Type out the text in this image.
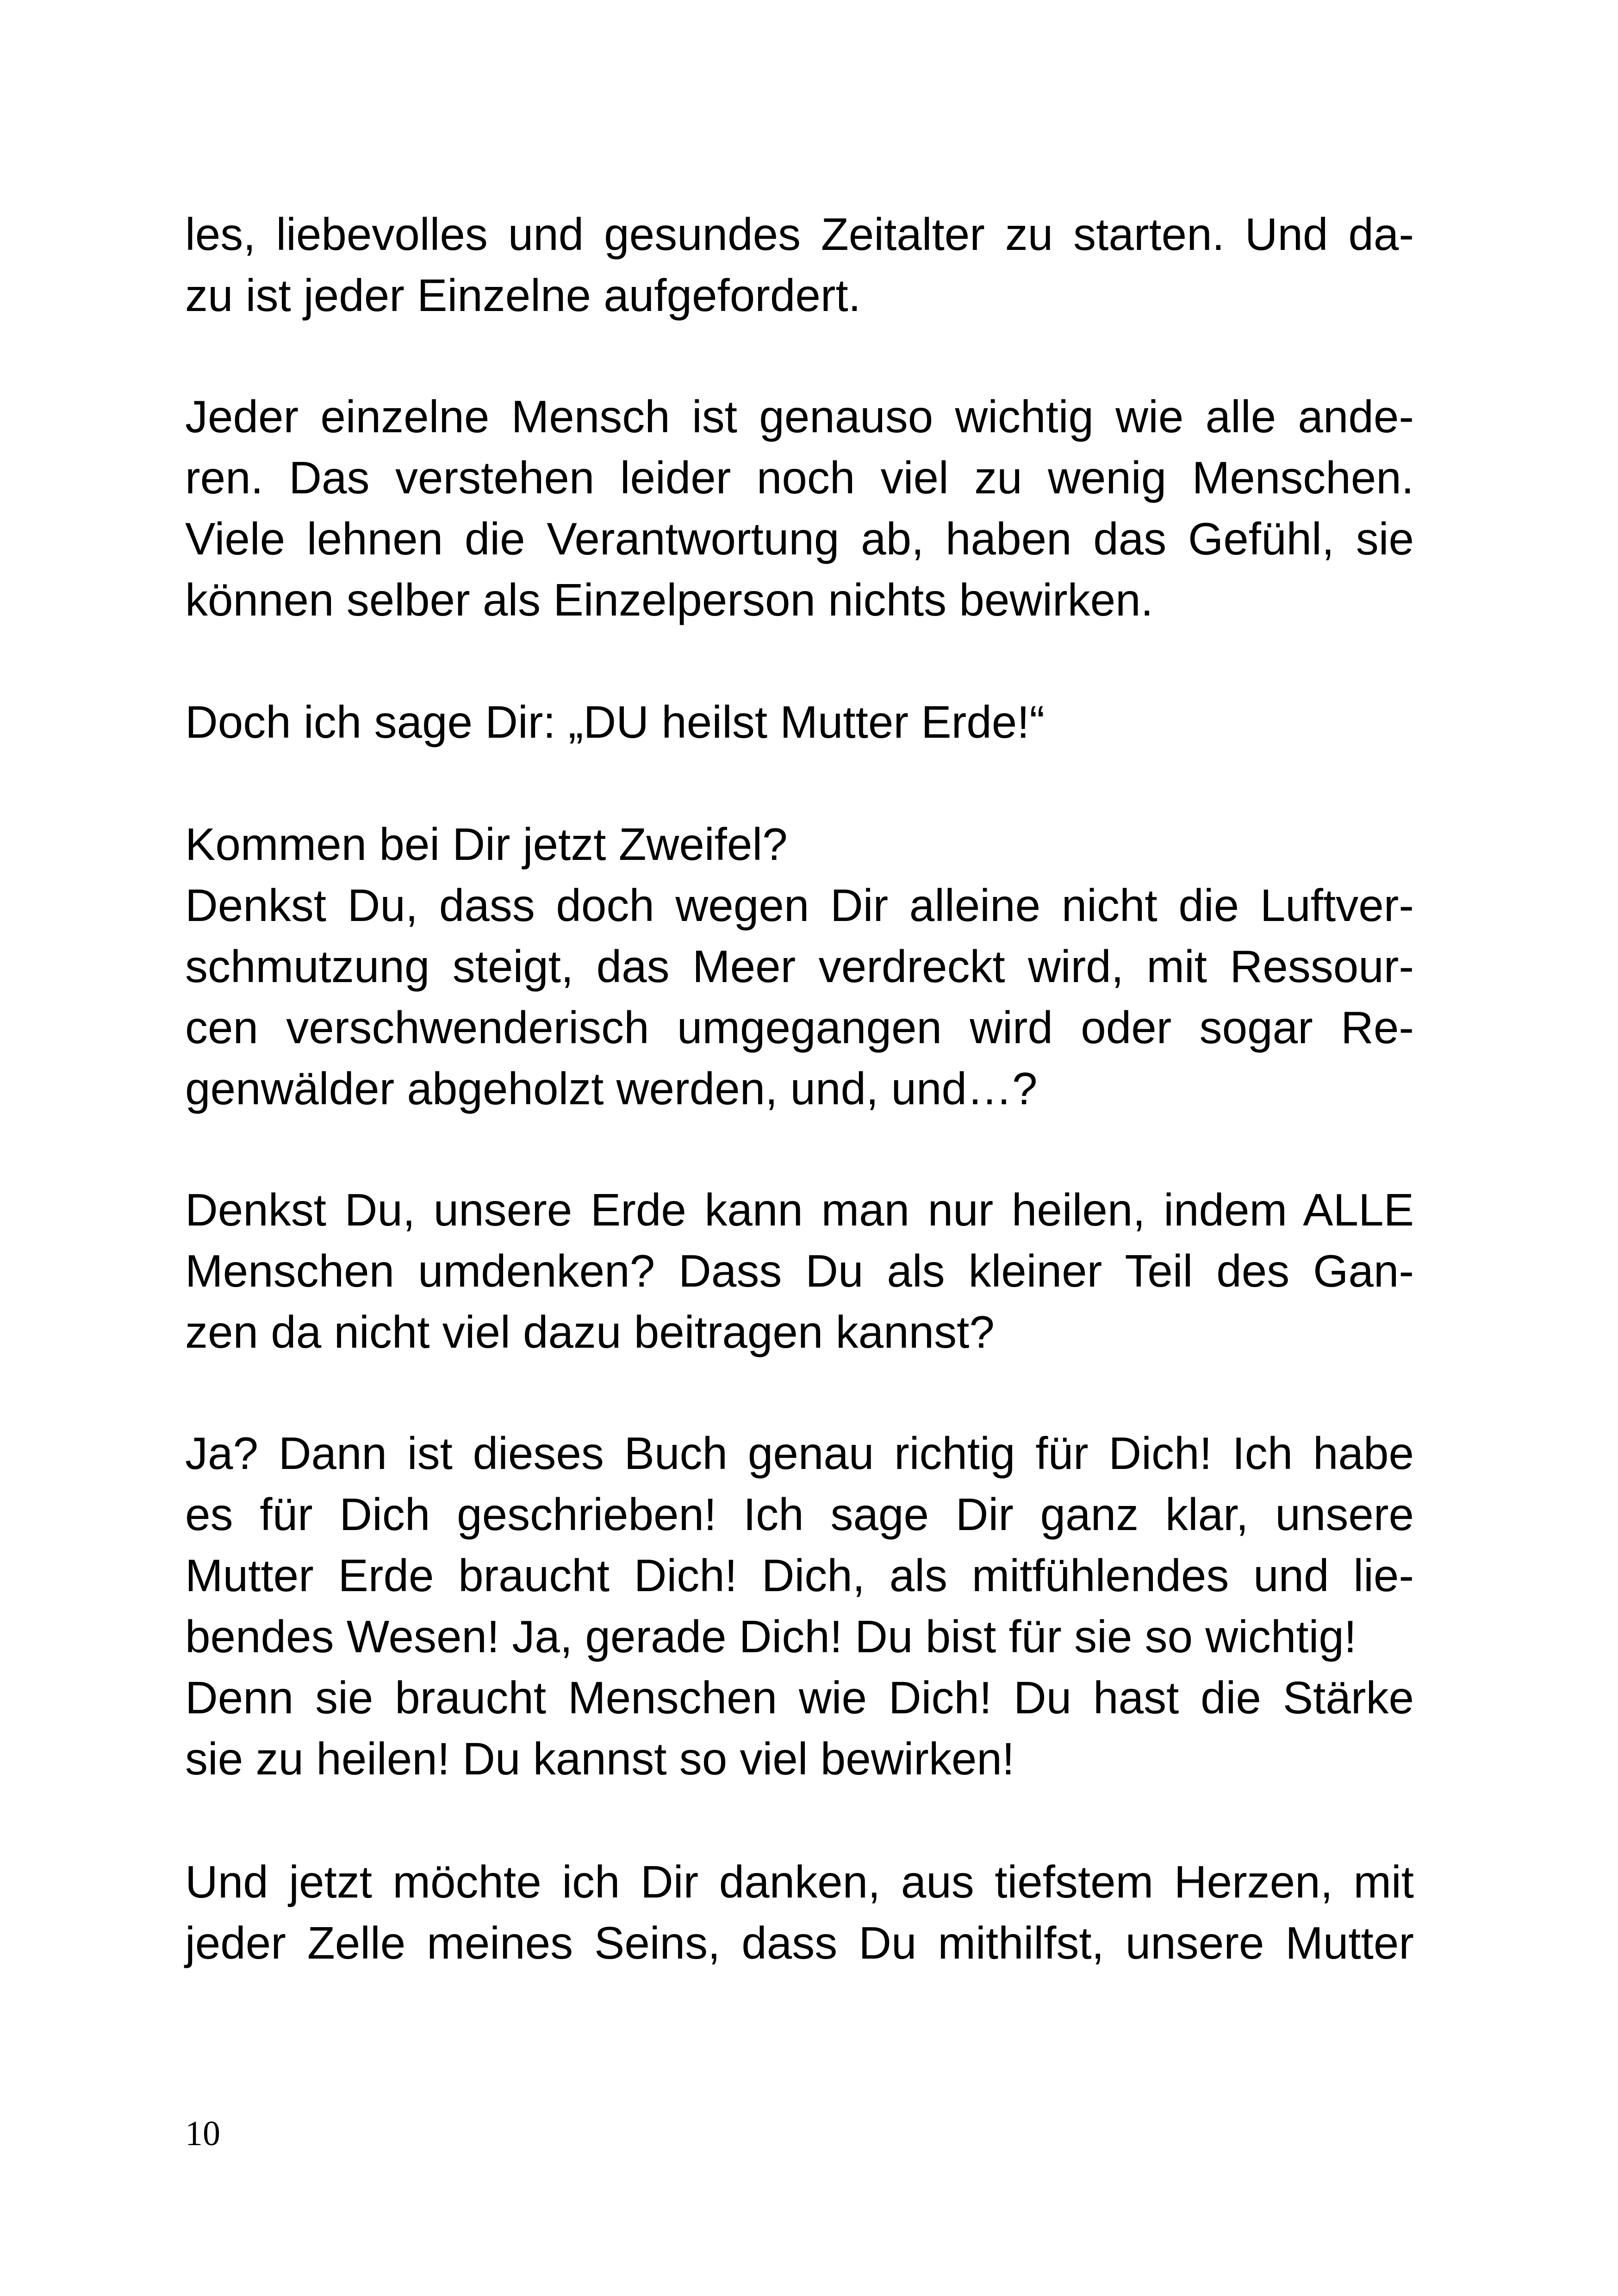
les, liebevolles und gesundes Zeitalter zu starten. Und da-
zu ist jeder Einzelne aufgefordert.
Jeder einzelne Mensch ist genauso wichtig wie alle ande-
ren. Das verstehen leider noch viel zu wenig Menschen.
Viele lehnen die Verantwortung ab, haben das Gefühl, sie
können selber als Einzelperson nichts bewirken.
Doch ich sage Dir: „DU heilst Mutter Erde!“
Kommen bei Dir jetzt Zweifel?
Denkst Du, dass doch wegen Dir alleine nicht die Luftver-
schmutzung steigt, das Meer verdreckt wird, mit Ressour-
cen verschwenderisch umgegangen wird oder sogar Re-
genwälder abgeholzt werden, und, und…?
Denkst Du, unsere Erde kann man nur heilen, indem ALLE
Menschen umdenken? Dass Du als kleiner Teil des Gan-
zen da nicht viel dazu beitragen kannst?
Ja? Dann ist dieses Buch genau richtig für Dich! Ich habe
es für Dich geschrieben! Ich sage Dir ganz klar, unsere
Mutter Erde braucht Dich! Dich, als mitfühlendes und lie-
bendes Wesen! Ja, gerade Dich! Du bist für sie so wichtig!
Denn sie braucht Menschen wie Dich! Du hast die Stärke
sie zu heilen! Du kannst so viel bewirken!
Und jetzt möchte ich Dir danken, aus tiefstem Herzen, mit
jeder Zelle meines Seins, dass Du mithilfst, unsere Mutter
10
